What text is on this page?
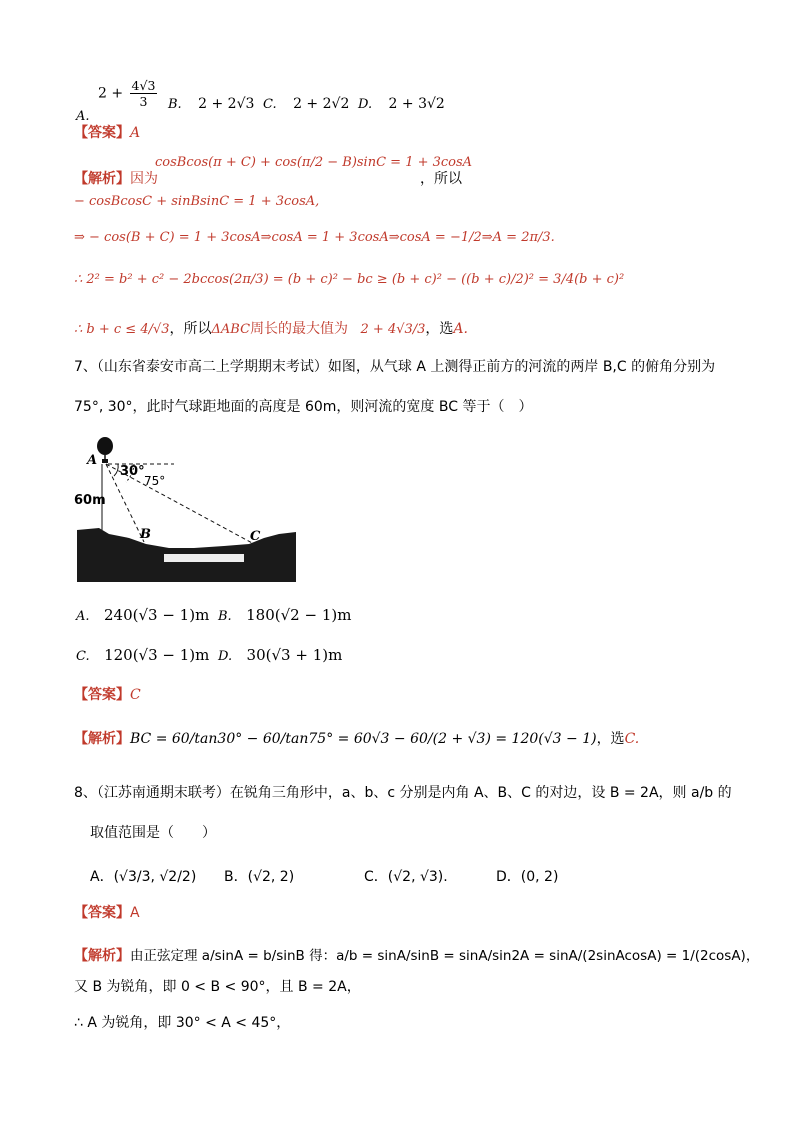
A. $2 + \frac{4√3}{3} B$. 2 + 2√3 C. 2 + 2√2 D. 2 + 3√2
【答案】A
【解析】因为
cosBcos(π + C) + cos(π/2 − B)sinC = 1 + 3cosA
，所以
− cosBcosC + sinBsinC = 1 + 3cosA,
⇒ − cos(B + C) = 1 + 3cosA⇒cosA = 1 + 3cosA⇒cosA = −1/2⇒A = 2π/3.
∴ 2² = b² + c² − 2bccos(2π/3) = (b + c)² − bc ≥ (b + c)² − ((b + c)/2)² = 3/4(b + c)²
∴ b + c ≤ 4/√3，所以ΔABC周长的最大值为 2 + 4√3/3，选A.
7、（山东省泰安市高二上学期期末考试）如图，从气球 A 上测得正前方的河流的两岸 B,C 的俯角分别为
75°, 30°，此时气球距地面的高度是 60m，则河流的宽度 BC 等于（　）
A
30°
75°
60m
B	C
A. 240(√3 − 1)m B. 180(√2 − 1)m
C. 120(√3 − 1)m D. 30(√3 + 1)m
【答案】C
【解析】BC = 60/tan30° − 60/tan75° = 60√3 − 60/(2 + √3) = 120(√3 − 1)，选C.
8、（江苏南通期末联考）在锐角三角形中，a、b、c 分别是内角 A、B、C 的对边，设 B = 2A，则 a/b 的
取值范围是（　　）
A．(√3/3, √2/2) B．(√2, 2)	C．(√2, √3).	D．(0, 2)
【答案】A
【解析】由正弦定理 a/sinA = b/sinB 得：a/b = sinA/sinB = sinA/sin2A = sinA/(2sinAcosA) = 1/(2cosA)，
又 B 为锐角，即 0 < B < 90°，且 B = 2A，
∴ A 为锐角，即 30° < A < 45°，
